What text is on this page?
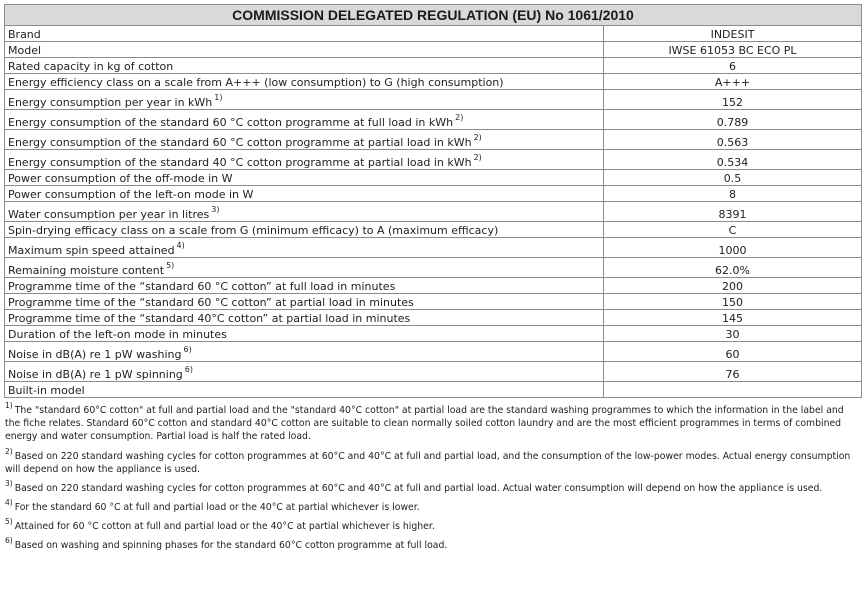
COMMISSION DELEGATED REGULATION (EU) No 1061/2010	
Brand	INDESIT
Model	IWSE 61053 BC ECO PL
Rated capacity in kg of cotton	6
Energy efficiency class on a scale from A+++ (low consumption) to G (high consumption)	A+++
Energy consumption per year in kWh $^{1)}$	152
Energy consumption of the standard 60 °C cotton programme at full load in kWh $^{2)}$	0.789
Energy consumption of the standard 60 °C cotton programme at partial load in kWh $^{2)}$	0.563
Energy consumption of the standard 40 °C cotton programme at partial load in kWh $^{2)}$	0.534
Power consumption of the off-mode in W	0.5
Power consumption of the left-on mode in W	8
Water consumption per year in litres $^{3)}$	8391
Spin-drying efficacy class on a scale from G (minimum efficacy) to A (maximum efficacy)	C
Maximum spin speed attained $^{4)}$	1000
Remaining moisture content $^{5)}$	62.0%
Programme time of the “standard 60 °C cotton” at full load in minutes	200
Programme time of the “standard 60 °C cotton” at partial load in minutes	150
Programme time of the “standard 40°C cotton” at partial load in minutes	145
Duration of the left-on mode in minutes	30
Noise in dB(A) re 1 pW washing $^{6)}$	60
Noise in dB(A) re 1 pW spinning $^{6)}$	76
Built-in model	
$^{1)}$ The "standard 60°C cotton" at full and partial load and the "standard 40°C cotton" at partial load are the standard washing programmes to which the information in the label and the fiche relates. Standard 60°C cotton and standard 40°C cotton are suitable to clean normally soiled cotton laundry and are the most efficient programmes in terms of combined energy and water consumption. Partial load is half the rated load.
$^{2)}$ Based on 220 standard washing cycles for cotton programmes at 60°C and 40°C at full and partial load, and the consumption of the low-power modes. Actual energy consumption will depend on how the appliance is used.
$^{3)}$ Based on 220 standard washing cycles for cotton programmes at 60°C and 40°C at full and partial load. Actual water consumption will depend on how the appliance is used.
$^{4)}$ For the standard 60 °C at full and partial load or the 40°C at partial whichever is lower.
$^{5)}$ Attained for 60 °C cotton at full and partial load or the 40°C at partial whichever is higher.
$^{6)}$ Based on washing and spinning phases for the standard 60°C cotton programme at full load.
